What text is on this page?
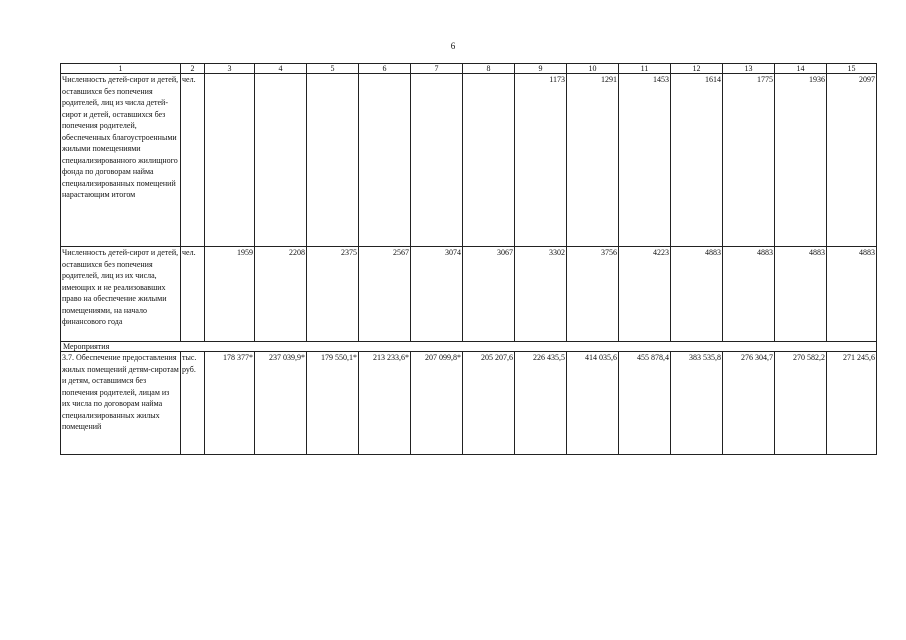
6
1	2	3	4	5	6	7	8	9	10	11	12	13	14	15

Численность детей-сирот и детей, оставшихся без попечения родителей, лиц из числа детей-сирот и детей, оставшихся без попечения родителей, обеспеченных благоустроенными жилыми помещениями специализированного жилищного фонда по договорам найма специализированных помещений нарастающим итогом	чел.							1173	1291	1453	1614	1775	1936	2097

Численность детей-сирот и детей, оставшихся без попечения родителей, лиц из их числа, имеющих и не реализовавших право на обеспечение жилыми помещениями, на начало финансового года	чел.	1959	2208	2375	2567	3074	3067	3302	3756	4223	4883	4883	4883	4883
Мероприятия														
3.7. Обеспечение предоставления жилых помещений детям-сиротам и детям, оставшимся без попечения родителей, лицам из их числа по договорам найма специализированных жилых помещений	тыс. руб.	178 377*	237 039,9*	179 550,1*	213 233,6*	207 099,8*	205 207,6	226 435,5	414 035,6	455 878,4	383 535,8	276 304,7	270 582,2	271 245,6
